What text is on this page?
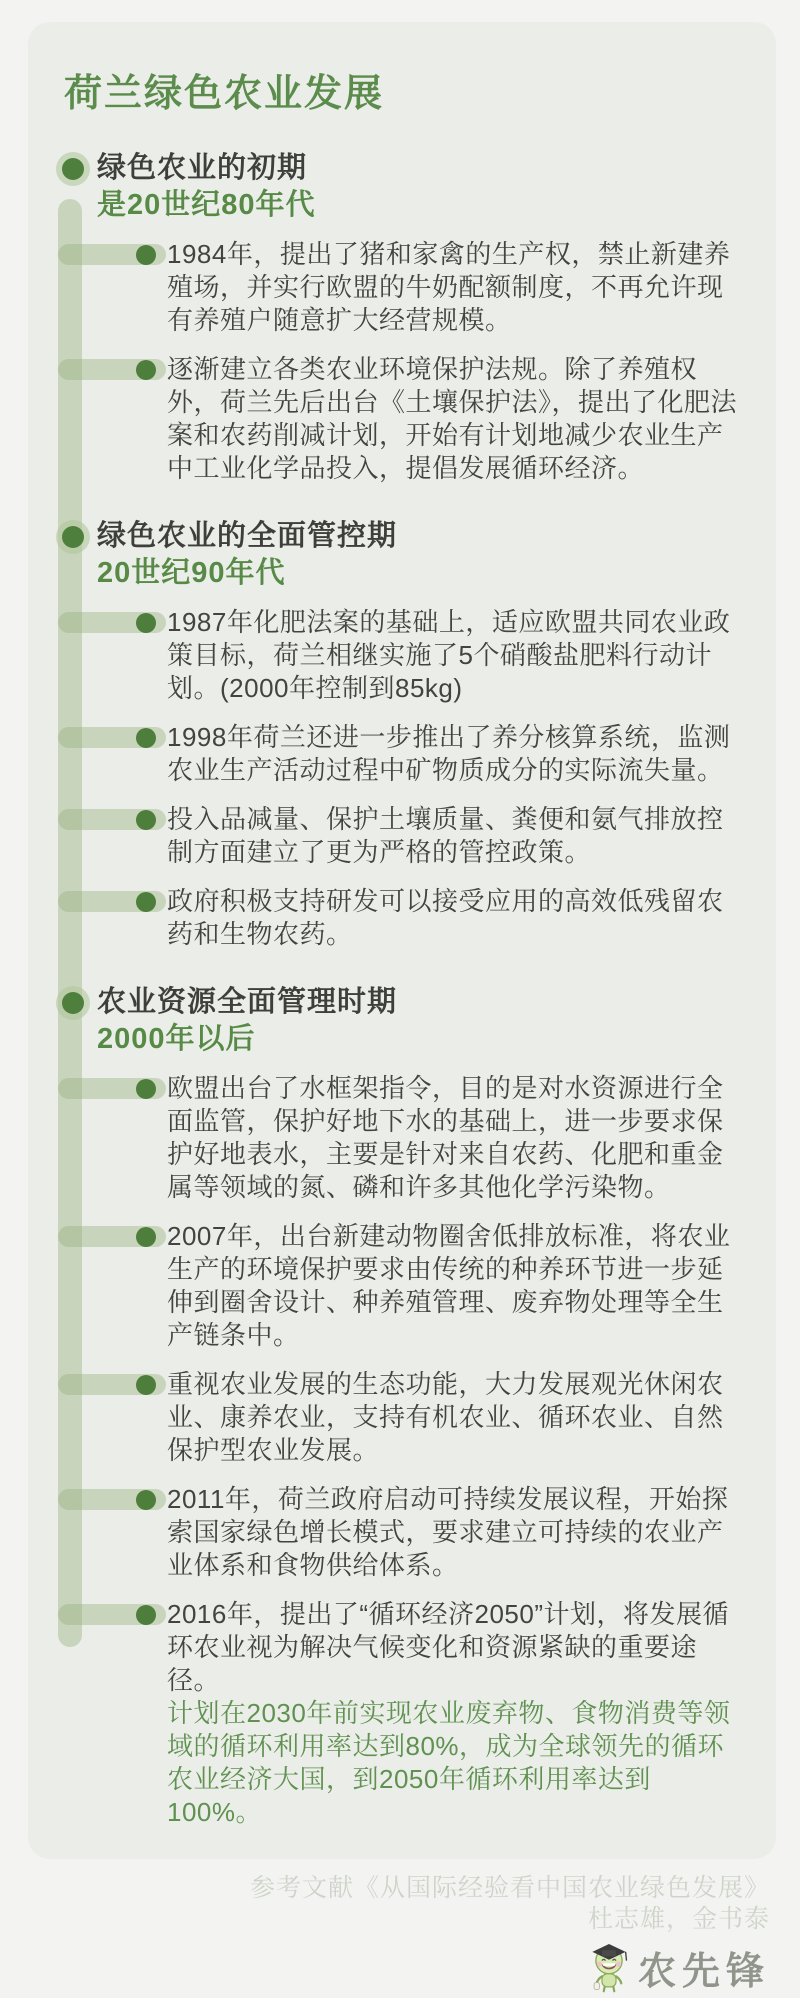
荷兰绿色农业发展
绿色农业的初期
是20世纪80年代
1984年，提出了猪和家禽的生产权，禁止新建养殖场，并实行欧盟的牛奶配额制度，不再允许现有养殖户随意扩大经营规模。
逐渐建立各类农业环境保护法规。除了养殖权外，荷兰先后出台《土壤保护法》，提出了化肥法案和农药削减计划，开始有计划地减少农业生产中工业化学品投入，提倡发展循环经济。
绿色农业的全面管控期
20世纪90年代
1987年化肥法案的基础上，适应欧盟共同农业政策目标，荷兰相继实施了5个硝酸盐肥料行动计划。(2000年控制到85kg)
1998年荷兰还进一步推出了养分核算系统，监测农业生产活动过程中矿物质成分的实际流失量。
投入品减量、保护土壤质量、粪便和氨气排放控制方面建立了更为严格的管控政策。
政府积极支持研发可以接受应用的高效低残留农药和生物农药。
农业资源全面管理时期
2000年以后
欧盟出台了水框架指令，目的是对水资源进行全面监管，保护好地下水的基础上，进一步要求保护好地表水，主要是针对来自农药、化肥和重金属等领域的氮、磷和许多其他化学污染物。
2007年，出台新建动物圈舍低排放标准，将农业生产的环境保护要求由传统的种养环节进一步延伸到圈舍设计、种养殖管理、废弃物处理等全生产链条中。
重视农业发展的生态功能，大力发展观光休闲农业、康养农业，支持有机农业、循环农业、自然保护型农业发展。
2011年，荷兰政府启动可持续发展议程，开始探索国家绿色增长模式，要求建立可持续的农业产业体系和食物供给体系。
2016年，提出了“循环经济2050”计划，将发展循环农业视为解决气候变化和资源紧缺的重要途径。
计划在2030年前实现农业废弃物、食物消费等领域的循环利用率达到80%，成为全球领先的循环农业经济大国，到2050年循环利用率达到100%。
参考文献《从国际经验看中国农业绿色发展》
杜志雄，金书泰
农先锋
